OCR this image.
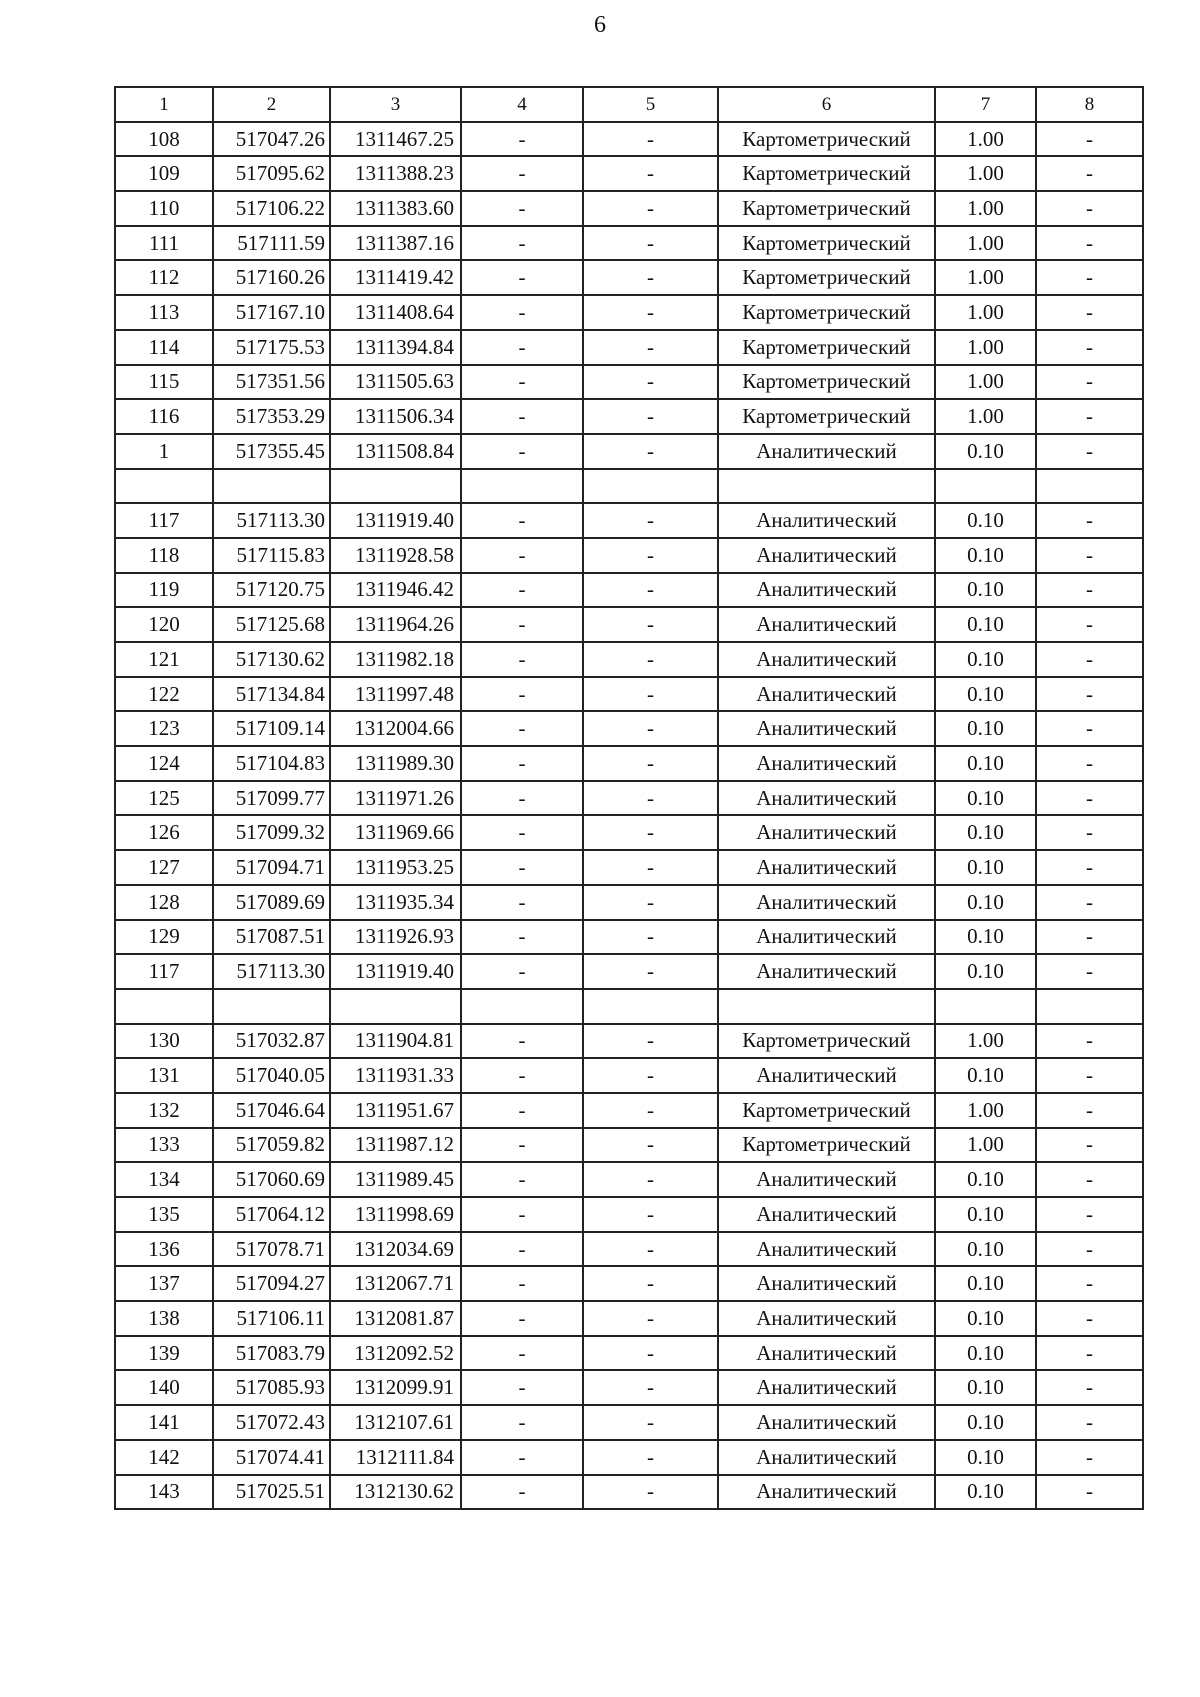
6
1	2	3	4	5	6	7	8
108	517047.26	1311467.25	-	-	Картометрический	1.00	-
109	517095.62	1311388.23	-	-	Картометрический	1.00	-
110	517106.22	1311383.60	-	-	Картометрический	1.00	-
111	517111.59	1311387.16	-	-	Картометрический	1.00	-
112	517160.26	1311419.42	-	-	Картометрический	1.00	-
113	517167.10	1311408.64	-	-	Картометрический	1.00	-
114	517175.53	1311394.84	-	-	Картометрический	1.00	-
115	517351.56	1311505.63	-	-	Картометрический	1.00	-
116	517353.29	1311506.34	-	-	Картометрический	1.00	-
1	517355.45	1311508.84	-	-	Аналитический	0.10	-

117	517113.30	1311919.40	-	-	Аналитический	0.10	-
118	517115.83	1311928.58	-	-	Аналитический	0.10	-
119	517120.75	1311946.42	-	-	Аналитический	0.10	-
120	517125.68	1311964.26	-	-	Аналитический	0.10	-
121	517130.62	1311982.18	-	-	Аналитический	0.10	-
122	517134.84	1311997.48	-	-	Аналитический	0.10	-
123	517109.14	1312004.66	-	-	Аналитический	0.10	-
124	517104.83	1311989.30	-	-	Аналитический	0.10	-
125	517099.77	1311971.26	-	-	Аналитический	0.10	-
126	517099.32	1311969.66	-	-	Аналитический	0.10	-
127	517094.71	1311953.25	-	-	Аналитический	0.10	-
128	517089.69	1311935.34	-	-	Аналитический	0.10	-
129	517087.51	1311926.93	-	-	Аналитический	0.10	-
117	517113.30	1311919.40	-	-	Аналитический	0.10	-

130	517032.87	1311904.81	-	-	Картометрический	1.00	-
131	517040.05	1311931.33	-	-	Аналитический	0.10	-
132	517046.64	1311951.67	-	-	Картометрический	1.00	-
133	517059.82	1311987.12	-	-	Картометрический	1.00	-
134	517060.69	1311989.45	-	-	Аналитический	0.10	-
135	517064.12	1311998.69	-	-	Аналитический	0.10	-
136	517078.71	1312034.69	-	-	Аналитический	0.10	-
137	517094.27	1312067.71	-	-	Аналитический	0.10	-
138	517106.11	1312081.87	-	-	Аналитический	0.10	-
139	517083.79	1312092.52	-	-	Аналитический	0.10	-
140	517085.93	1312099.91	-	-	Аналитический	0.10	-
141	517072.43	1312107.61	-	-	Аналитический	0.10	-
142	517074.41	1312111.84	-	-	Аналитический	0.10	-
143	517025.51	1312130.62	-	-	Аналитический	0.10	-
